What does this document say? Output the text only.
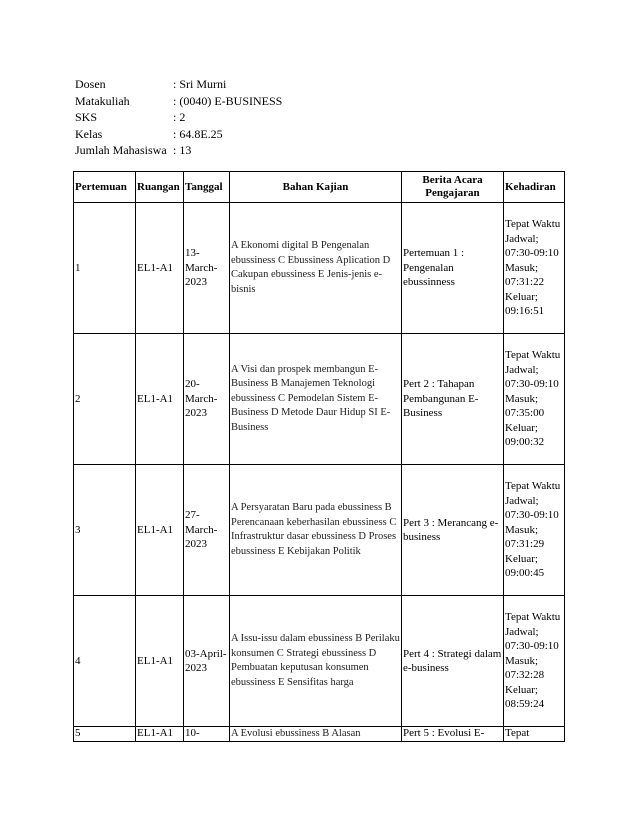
Dosen	: Sri Murni
Matakuliah	: (0040) E-BUSINESS
SKS	: 2
Kelas	: 64.8E.25
Jumlah Mahasiswa : 13
Pertemuan	Ruangan	Tanggal	Bahan Kajian	Berita Acara Pengajaran	Kehadiran
1	EL1-A1	13-March-2023	A Ekonomi digital B Pengenalan ebussiness C Ebussiness Aplication D Cakupan ebussiness E Jenis-jenis e-bisnis	Pertemuan 1 : Pengenalan ebussinness	Tepat Waktu Jadwal; 07:30-09:10 Masuk; 07:31:22 Keluar; 09:16:51
2	EL1-A1	20-March-2023	A Visi dan prospek membangun E- Business B Manajemen Teknologi ebussiness C Pemodelan Sistem E- Business D Metode Daur Hidup SI E-Business	Pert 2 : Tahapan Pembangunan E-Business	Tepat Waktu Jadwal; 07:30-09:10 Masuk; 07:35:00 Keluar; 09:00:32
3	EL1-A1	27-March-2023	A Persyaratan Baru pada ebussiness B Perencanaan keberhasilan ebussiness C Infrastruktur dasar ebussiness D Proses ebussiness E Kebijakan Politik	Pert 3 : Merancang e-business	Tepat Waktu Jadwal; 07:30-09:10 Masuk; 07:31:29 Keluar; 09:00:45
4	EL1-A1	03-April-2023	A Issu-issu dalam ebussiness B Perilaku konsumen C Strategi ebussiness D Pembuatan keputusan konsumen ebussiness E Sensifitas harga	Pert 4 : Strategi dalam e-business	Tepat Waktu Jadwal; 07:30-09:10 Masuk; 07:32:28 Keluar; 08:59:24
5	EL1-A1	10-	A Evolusi ebussiness B Alasan	Pert 5 : Evolusi E-	Tepat
